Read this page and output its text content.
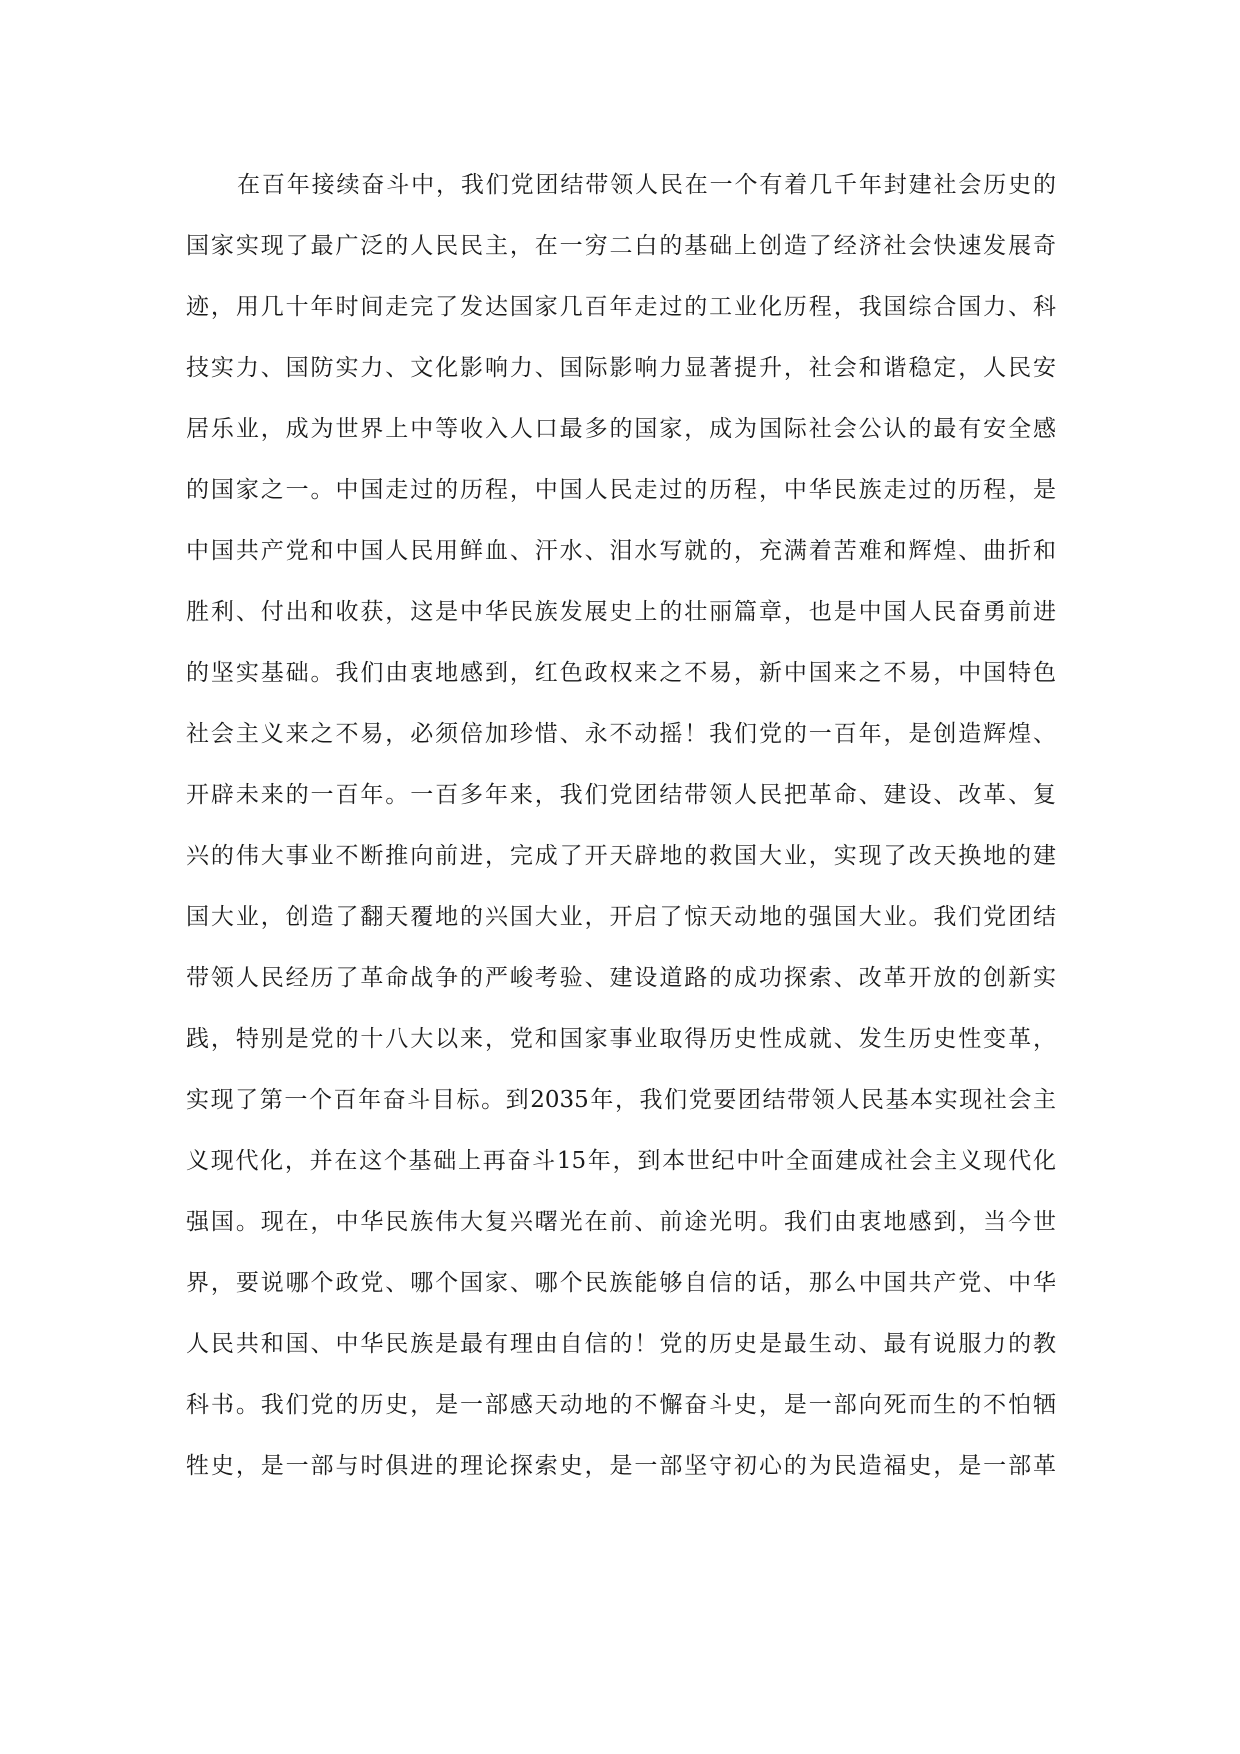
在百年接续奋斗中，我们党团结带领人民在一个有着几千年封建社会历史的
国家实现了最广泛的人民民主，在一穷二白的基础上创造了经济社会快速发展奇
迹，用几十年时间走完了发达国家几百年走过的工业化历程，我国综合国力、科
技实力、国防实力、文化影响力、国际影响力显著提升，社会和谐稳定，人民安
居乐业，成为世界上中等收入人口最多的国家，成为国际社会公认的最有安全感
的国家之一。中国走过的历程，中国人民走过的历程，中华民族走过的历程，是
中国共产党和中国人民用鲜血、汗水、泪水写就的，充满着苦难和辉煌、曲折和
胜利、付出和收获，这是中华民族发展史上的壮丽篇章，也是中国人民奋勇前进
的坚实基础。我们由衷地感到，红色政权来之不易，新中国来之不易，中国特色
社会主义来之不易，必须倍加珍惜、永不动摇！我们党的一百年，是创造辉煌、
开辟未来的一百年。一百多年来，我们党团结带领人民把革命、建设、改革、复
兴的伟大事业不断推向前进，完成了开天辟地的救国大业，实现了改天换地的建
国大业，创造了翻天覆地的兴国大业，开启了惊天动地的强国大业。我们党团结
带领人民经历了革命战争的严峻考验、建设道路的成功探索、改革开放的创新实
践，特别是党的十八大以来，党和国家事业取得历史性成就、发生历史性变革，
实现了第一个百年奋斗目标。到2035年，我们党要团结带领人民基本实现社会主
义现代化，并在这个基础上再奋斗15年，到本世纪中叶全面建成社会主义现代化
强国。现在，中华民族伟大复兴曙光在前、前途光明。我们由衷地感到，当今世
界，要说哪个政党、哪个国家、哪个民族能够自信的话，那么中国共产党、中华
人民共和国、中华民族是最有理由自信的！党的历史是最生动、最有说服力的教
科书。我们党的历史，是一部感天动地的不懈奋斗史，是一部向死而生的不怕牺
牲史，是一部与时俱进的理论探索史，是一部坚守初心的为民造福史，是一部革
